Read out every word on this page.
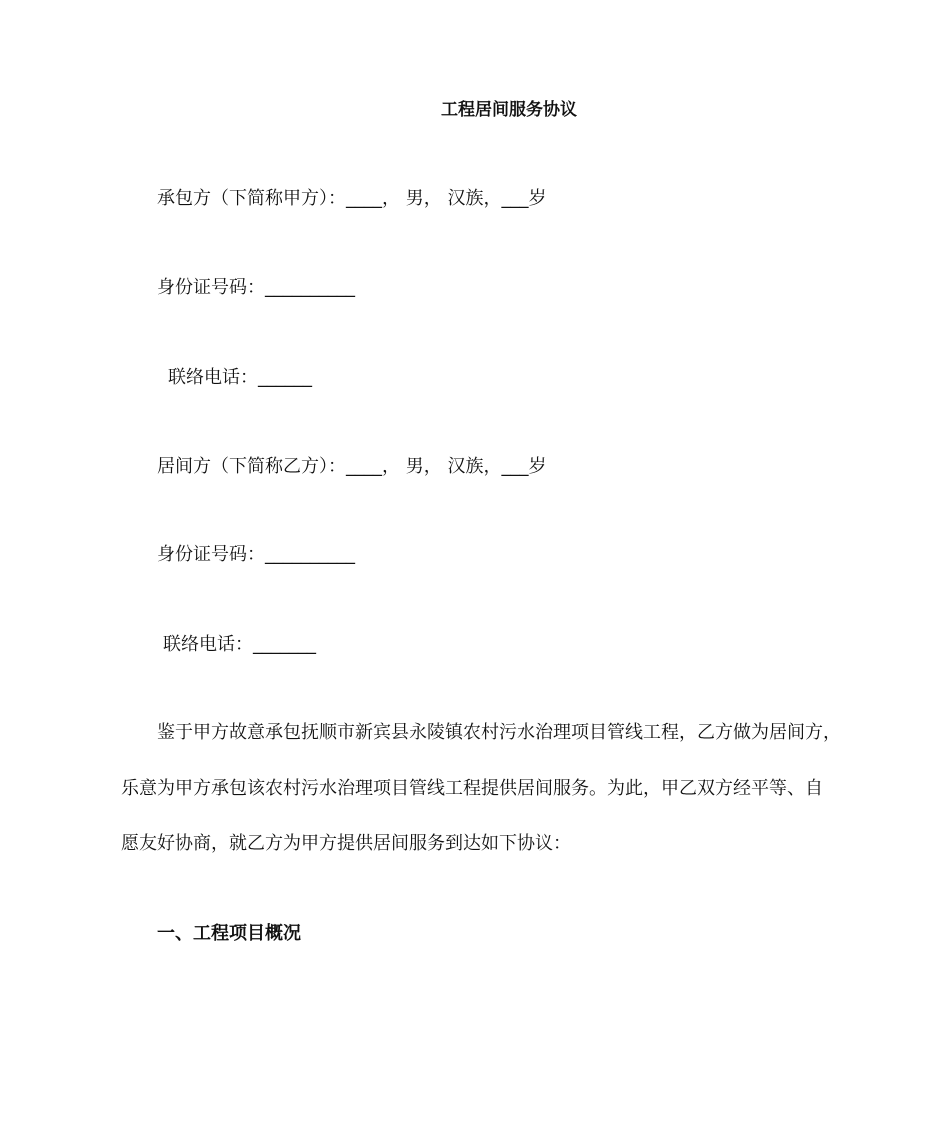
工程居间服务协议
承包方（下简称甲方）：____， 男， 汉族，___岁
身份证号码：__________
联络电话：______
居间方（下简称乙方）：____， 男， 汉族，___岁
身份证号码：__________
联络电话：_______
鉴于甲方故意承包抚顺市新宾县永陵镇农村污水治理项目管线工程，乙方做为居间方，
乐意为甲方承包该农村污水治理项目管线工程提供居间服务。为此，甲乙双方经平等、自
愿友好协商，就乙方为甲方提供居间服务到达如下协议：
一、工程项目概况
